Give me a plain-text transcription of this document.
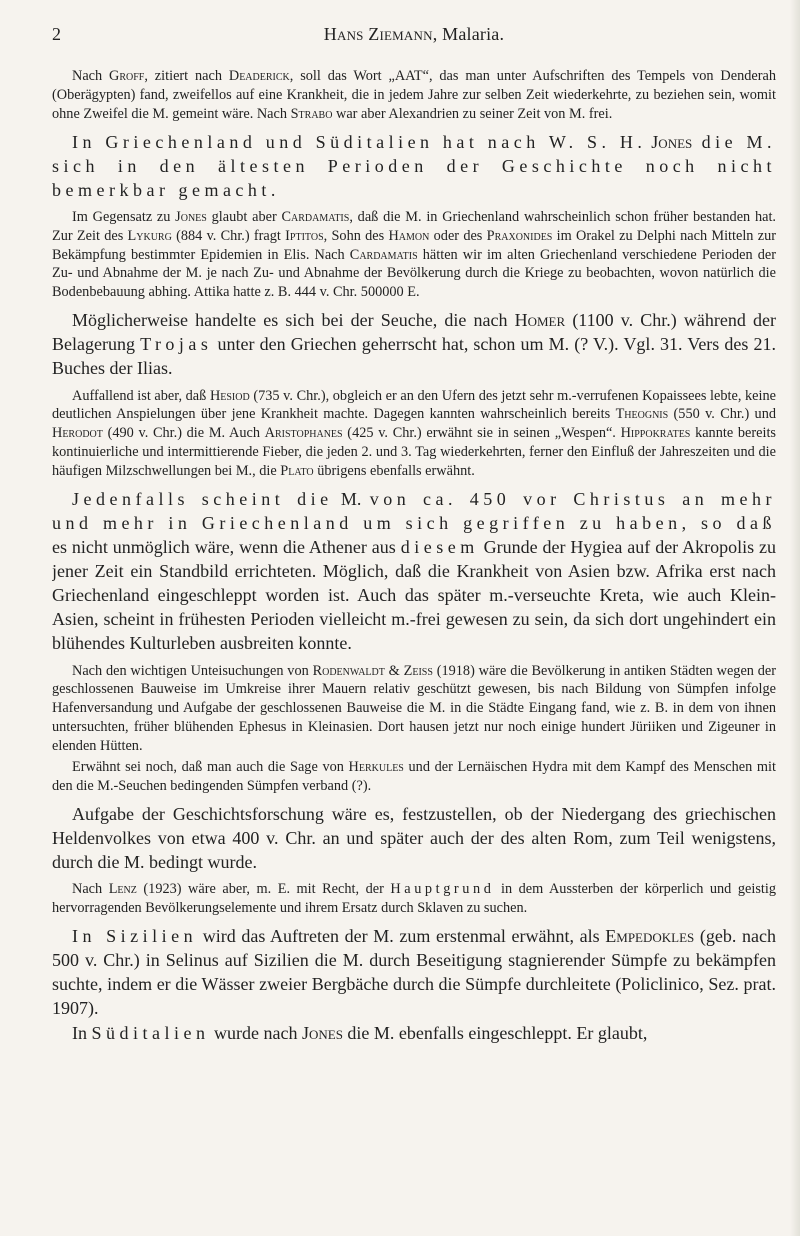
2	Hans Ziemann, Malaria.

Nach Groff, zitiert nach Deaderick, soll das Wort „AAT“, das man unter Aufschriften des Tempels von Denderah (Oberägypten) fand, zweifellos auf eine Krankheit, die in jedem Jahre zur selben Zeit wiederkehrte, zu beziehen sein, womit ohne Zweifel die M. gemeint wäre. Nach Strabo war aber Alexandrien zu seiner Zeit von M. frei.

In Griechenland und Süditalien hat nach W. S. H. Jones die M. sich in den ältesten Perioden der Geschichte noch nicht bemerkbar gemacht.

Im Gegensatz zu Jones glaubt aber Cardamatis, daß die M. in Griechenland wahrscheinlich schon früher bestanden hat. Zur Zeit des Lykurg (884 v. Chr.) fragt Iptitos, Sohn des Hamon oder des Praxonides im Orakel zu Delphi nach Mitteln zur Bekämpfung bestimmter Epidemien in Elis. Nach Cardamatis hätten wir im alten Griechenland verschiedene Perioden der Zu- und Abnahme der M. je nach Zu- und Abnahme der Bevölkerung durch die Kriege zu beobachten, wovon natürlich die Bodenbebauung abhing. Attika hatte z. B. 444 v. Chr. 500000 E.

Möglicherweise handelte es sich bei der Seuche, die nach Homer (1100 v. Chr.) während der Belagerung Trojas unter den Griechen geherrscht hat, schon um M. (? V.). Vgl. 31. Vers des 21. Buches der Ilias.

Auffallend ist aber, daß Hesiod (735 v. Chr.), obgleich er an den Ufern des jetzt sehr m.-verrufenen Kopaissees lebte, keine deutlichen Anspielungen über jene Krankheit machte. Dagegen kannten wahrscheinlich bereits Theognis (550 v. Chr.) und Herodot (490 v. Chr.) die M. Auch Aristophanes (425 v. Chr.) erwähnt sie in seinen „Wespen“. Hippokrates kannte bereits kontinuierliche und intermittierende Fieber, die jeden 2. und 3. Tag wiederkehrten, ferner den Einfluß der Jahreszeiten und die häufigen Milzschwellungen bei M., die Plato übrigens ebenfalls erwähnt.

Jedenfalls scheint die M. von ca. 450 vor Christus an mehr und mehr in Griechenland um sich gegriffen zu haben, so daß es nicht unmöglich wäre, wenn die Athener aus diesem Grunde der Hygiea auf der Akropolis zu jener Zeit ein Standbild errichteten. Möglich, daß die Krankheit von Asien bzw. Afrika erst nach Griechenland eingeschleppt worden ist. Auch das später m.-verseuchte Kreta, wie auch Klein-Asien, scheint in frühesten Perioden vielleicht m.-frei gewesen zu sein, da sich dort ungehindert ein blühendes Kulturleben ausbreiten konnte.

Nach den wichtigen Unteisuchungen von Rodenwaldt & Zeiss (1918) wäre die Bevölkerung in antiken Städten wegen der geschlossenen Bauweise im Umkreise ihrer Mauern relativ geschützt gewesen, bis nach Bildung von Sümpfen infolge Hafenversandung und Aufgabe der geschlossenen Bauweise die M. in die Städte Eingang fand, wie z. B. in dem von ihnen untersuchten, früher blühenden Ephesus in Kleinasien. Dort hausen jetzt nur noch einige hundert Jüriiken und Zigeuner in elenden Hütten.

Erwähnt sei noch, daß man auch die Sage von Herkules und der Lernäischen Hydra mit dem Kampf des Menschen mit den die M.-Seuchen bedingenden Sümpfen verband (?).

Aufgabe der Geschichtsforschung wäre es, festzustellen, ob der Niedergang des griechischen Heldenvolkes von etwa 400 v. Chr. an und später auch der des alten Rom, zum Teil wenigstens, durch die M. bedingt wurde.

Nach Lenz (1923) wäre aber, m. E. mit Recht, der Hauptgrund in dem Aussterben der körperlich und geistig hervorragenden Bevölkerungselemente und ihrem Ersatz durch Sklaven zu suchen.

In Sizilien wird das Auftreten der M. zum erstenmal erwähnt, als Empedokles (geb. nach 500 v. Chr.) in Selinus auf Sizilien die M. durch Beseitigung stagnierender Sümpfe zu bekämpfen suchte, indem er die Wässer zweier Bergbäche durch die Sümpfe durchleitete (Policlinico, Sez. prat. 1907).

In Süditalien wurde nach Jones die M. ebenfalls eingeschleppt. Er glaubt,
